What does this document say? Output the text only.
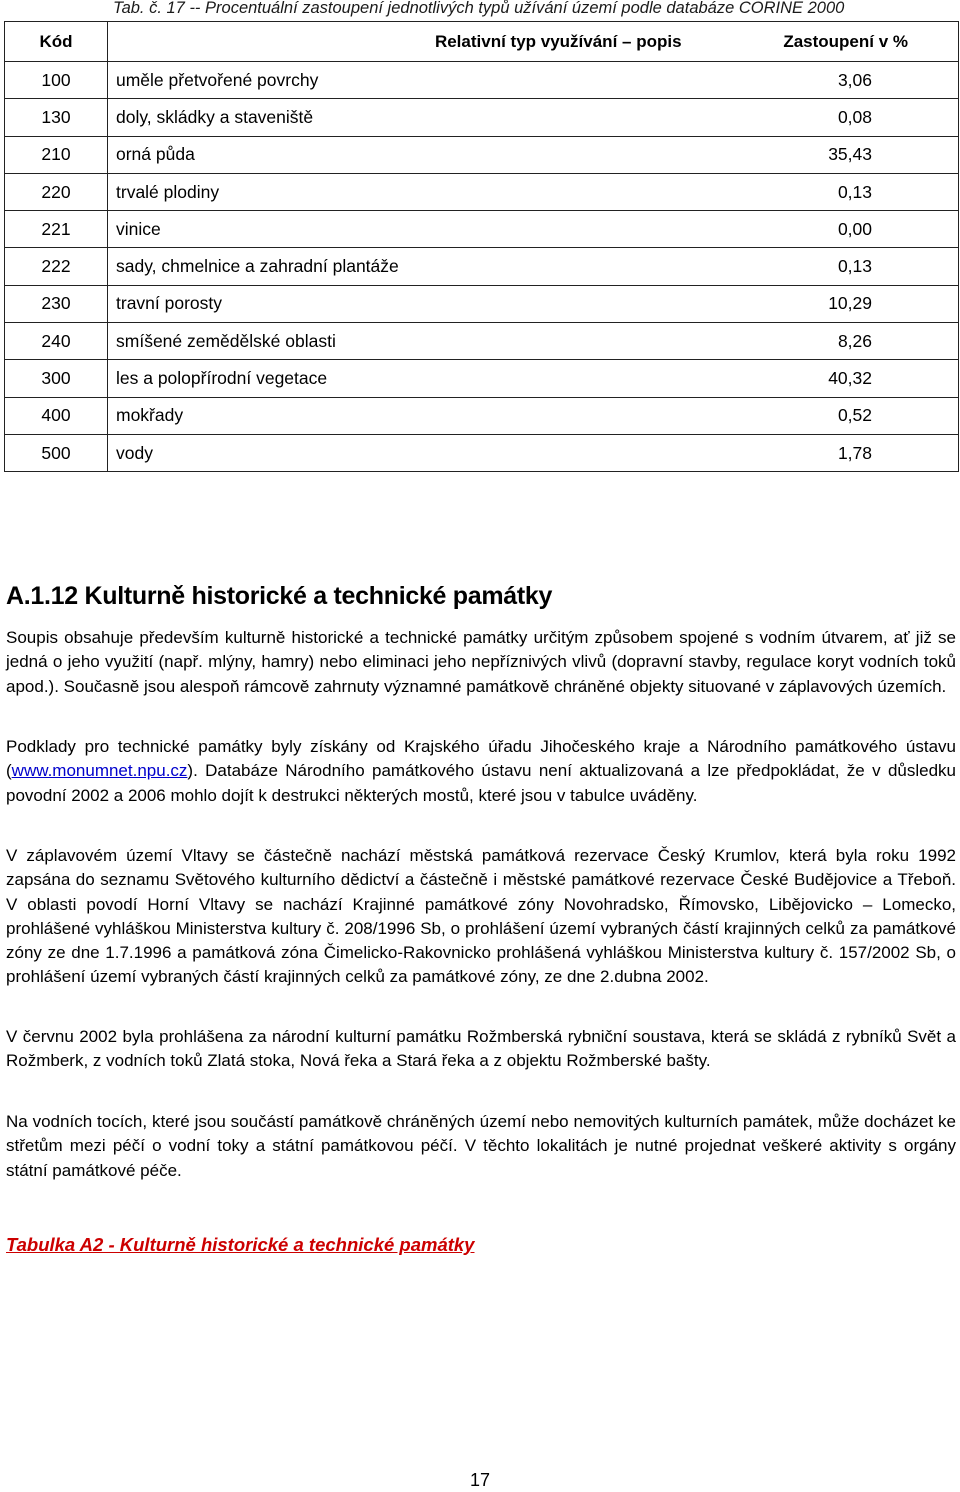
Tab. č. 17 -- Procentuální zastoupení jednotlivých typů užívání území podle databáze CORINE 2000
Kód	Relativní typ využívání – popis	Zastoupení v %
100	uměle přetvořené povrchy	3,06
130	doly, skládky a staveniště	0,08
210	orná půda	35,43
220	trvalé plodiny	0,13
221	vinice	0,00
222	sady, chmelnice a zahradní plantáže	0,13
230	travní porosty	10,29
240	smíšené zemědělské oblasti	8,26
300	les a polopřírodní vegetace	40,32
400	mokřady	0,52
500	vody	1,78
A.1.12 Kulturně historické a technické památky

Soupis obsahuje především kulturně historické a technické památky určitým způsobem spojené s vodním útvarem, ať již se jedná o jeho využití (např. mlýny, hamry) nebo eliminaci jeho nepříznivých vlivů (dopravní stavby, regulace koryt vodních toků apod.). Současně jsou alespoň rámcově zahrnuty významné památkově chráněné objekty situované v záplavových územích.

Podklady pro technické památky byly získány od Krajského úřadu Jihočeského kraje a Národního památkového ústavu (www.monumnet.npu.cz). Databáze Národního památkového ústavu není aktualizovaná a lze předpokládat, že v důsledku povodní 2002 a 2006 mohlo dojít k destrukci některých mostů, které jsou v tabulce uváděny.

V záplavovém území Vltavy se částečně nachází městská památková rezervace Český Krumlov, která byla roku 1992 zapsána do seznamu Světového kulturního dědictví a částečně i městské památkové rezervace České Budějovice a Třeboň. V oblasti povodí Horní Vltavy se nachází Krajinné památkové zóny Novohradsko, Římovsko, Libějovicko – Lomecko, prohlášené vyhláškou Ministerstva kultury č. 208/1996 Sb, o prohlášení území vybraných částí krajinných celků za památkové zóny ze dne 1.7.1996 a památková zóna Čimelicko-Rakovnicko prohlášená vyhláškou Ministerstva kultury č. 157/2002 Sb, o prohlášení území vybraných částí krajinných celků za památkové zóny, ze dne 2.dubna 2002.

V červnu 2002 byla prohlášena za národní kulturní památku Rožmberská rybniční soustava, která se skládá z rybníků Svět a Rožmberk, z vodních toků Zlatá stoka, Nová řeka a Stará řeka a z objektu Rožmberské bašty.

Na vodních tocích, které jsou součástí památkově chráněných území nebo nemovitých kulturních památek, může docházet ke střetům mezi péčí o vodní toky a státní památkovou péčí. V těchto lokalitách je nutné projednat veškeré aktivity s orgány státní památkové péče.

Tabulka A2 - Kulturně historické a technické památky
17
